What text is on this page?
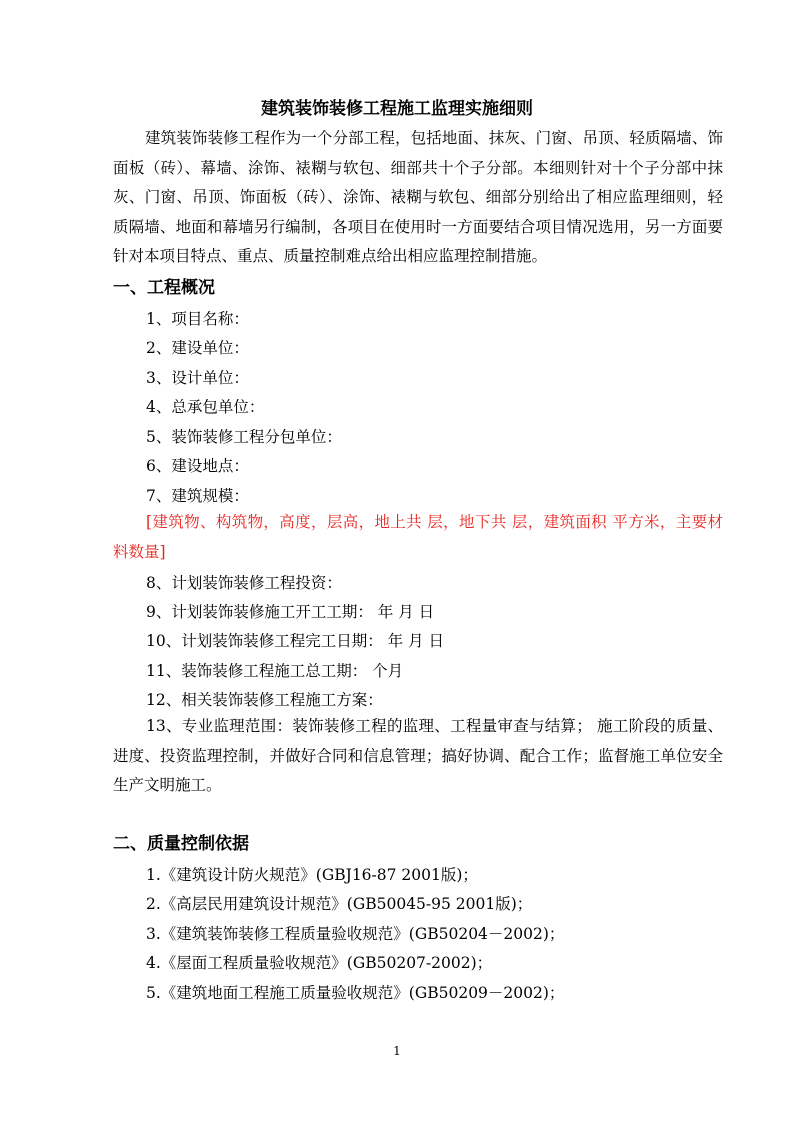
建筑装饰装修工程施工监理实施细则
建筑装饰装修工程作为一个分部工程，包括地面、抹灰、门窗、吊顶、轻质隔墙、饰面板（砖）、幕墙、涂饰、裱糊与软包、细部共十个子分部。本细则针对十个子分部中抹灰、门窗、吊顶、饰面板（砖）、涂饰、裱糊与软包、细部分别给出了相应监理细则，轻质隔墙、地面和幕墙另行编制，各项目在使用时一方面要结合项目情况选用，另一方面要针对本项目特点、重点、质量控制难点给出相应监理控制措施。
一、工程概况
1、项目名称：
2、建设单位：
3、设计单位：
4、总承包单位：
5、装饰装修工程分包单位：
6、建设地点：
7、建筑规模：
[建筑物、构筑物，高度，层高，地上共 层，地下共 层，建筑面积 平方米，主要材料数量]
8、计划装饰装修工程投资：
9、计划装饰装修施工开工工期： 年 月 日
10、计划装饰装修工程完工日期： 年 月 日
11、装饰装修工程施工总工期： 个月
12、相关装饰装修工程施工方案：
13、专业监理范围：装饰装修工程的监理、工程量审查与结算； 施工阶段的质量、进度、投资监理控制，并做好合同和信息管理；搞好协调、配合工作；监督施工单位安全生产文明施工。
二、质量控制依据
1.《建筑设计防火规范》(GBJ16-87 2001版)；
2.《高层民用建筑设计规范》(GB50045-95 2001版)；
3.《建筑装饰装修工程质量验收规范》(GB50204－2002)；
4.《屋面工程质量验收规范》(GB50207-2002)；
5.《建筑地面工程施工质量验收规范》(GB50209－2002)；
1
